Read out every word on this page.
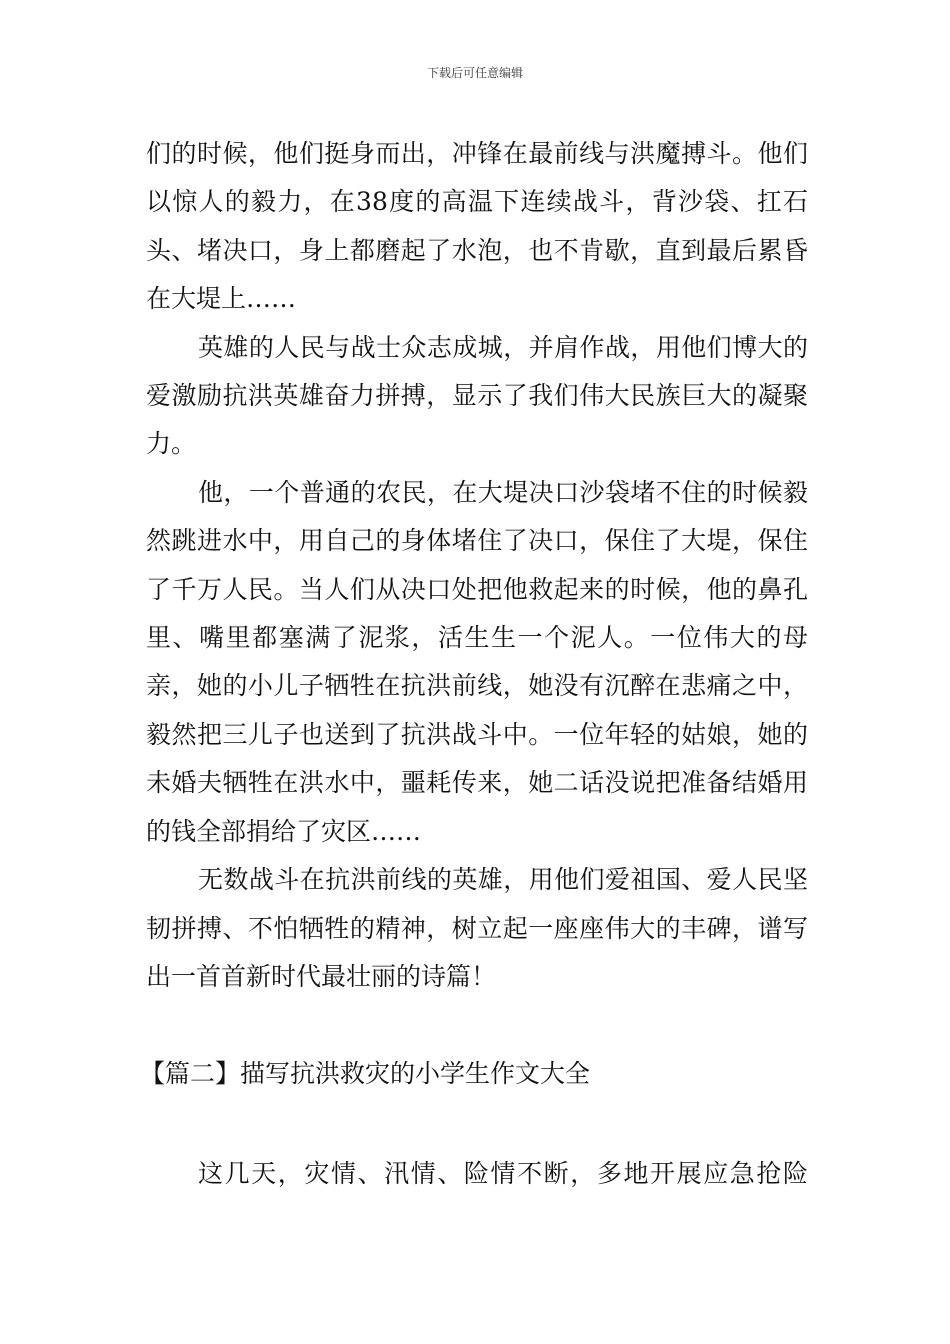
下载后可任意编辑

们的时候，他们挺身而出，冲锋在最前线与洪魔搏斗。他们以惊人的毅力，在38度的高温下连续战斗，背沙袋、扛石头、堵决口，身上都磨起了水泡，也不肯歇，直到最后累昏在大堤上……

英雄的人民与战士众志成城，并肩作战，用他们博大的爱激励抗洪英雄奋力拼搏，显示了我们伟大民族巨大的凝聚力。

他，一个普通的农民，在大堤决口沙袋堵不住的时候毅然跳进水中，用自己的身体堵住了决口，保住了大堤，保住了千万人民。当人们从决口处把他救起来的时候，他的鼻孔里、嘴里都塞满了泥浆，活生生一个泥人。一位伟大的母亲，她的小儿子牺牲在抗洪前线，她没有沉醉在悲痛之中，毅然把三儿子也送到了抗洪战斗中。一位年轻的姑娘，她的未婚夫牺牲在洪水中，噩耗传来，她二话没说把准备结婚用的钱全部捐给了灾区……

无数战斗在抗洪前线的英雄，用他们爱祖国、爱人民坚韧拼搏、不怕牺牲的精神，树立起一座座伟大的丰碑，谱写出一首首新时代最壮丽的诗篇！

【篇二】描写抗洪救灾的小学生作文大全

这几天，灾情、汛情、险情不断，多地开展应急抢险
